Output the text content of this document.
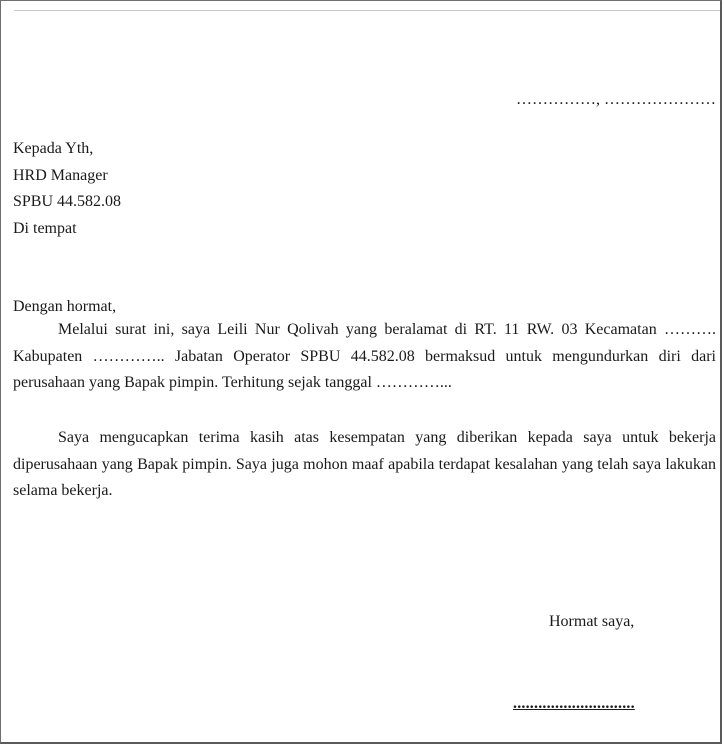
……………, …………………
Kepada Yth,
HRD Manager
SPBU 44.582.08
Di tempat
Dengan hormat,

Melalui surat ini, saya Leili Nur Qolivah yang beralamat di RT. 11 RW. 03 Kecamatan ………. Kabupaten ………….. Jabatan Operator SPBU 44.582.08 bermaksud untuk mengundurkan diri dari perusahaan yang Bapak pimpin. Terhitung sejak tanggal …………...

Saya mengucapkan terima kasih atas kesempatan yang diberikan kepada saya untuk bekerja diperusahaan yang Bapak pimpin. Saya juga mohon maaf apabila terdapat kesalahan yang telah saya lakukan selama bekerja.

Hormat saya,
.............................
